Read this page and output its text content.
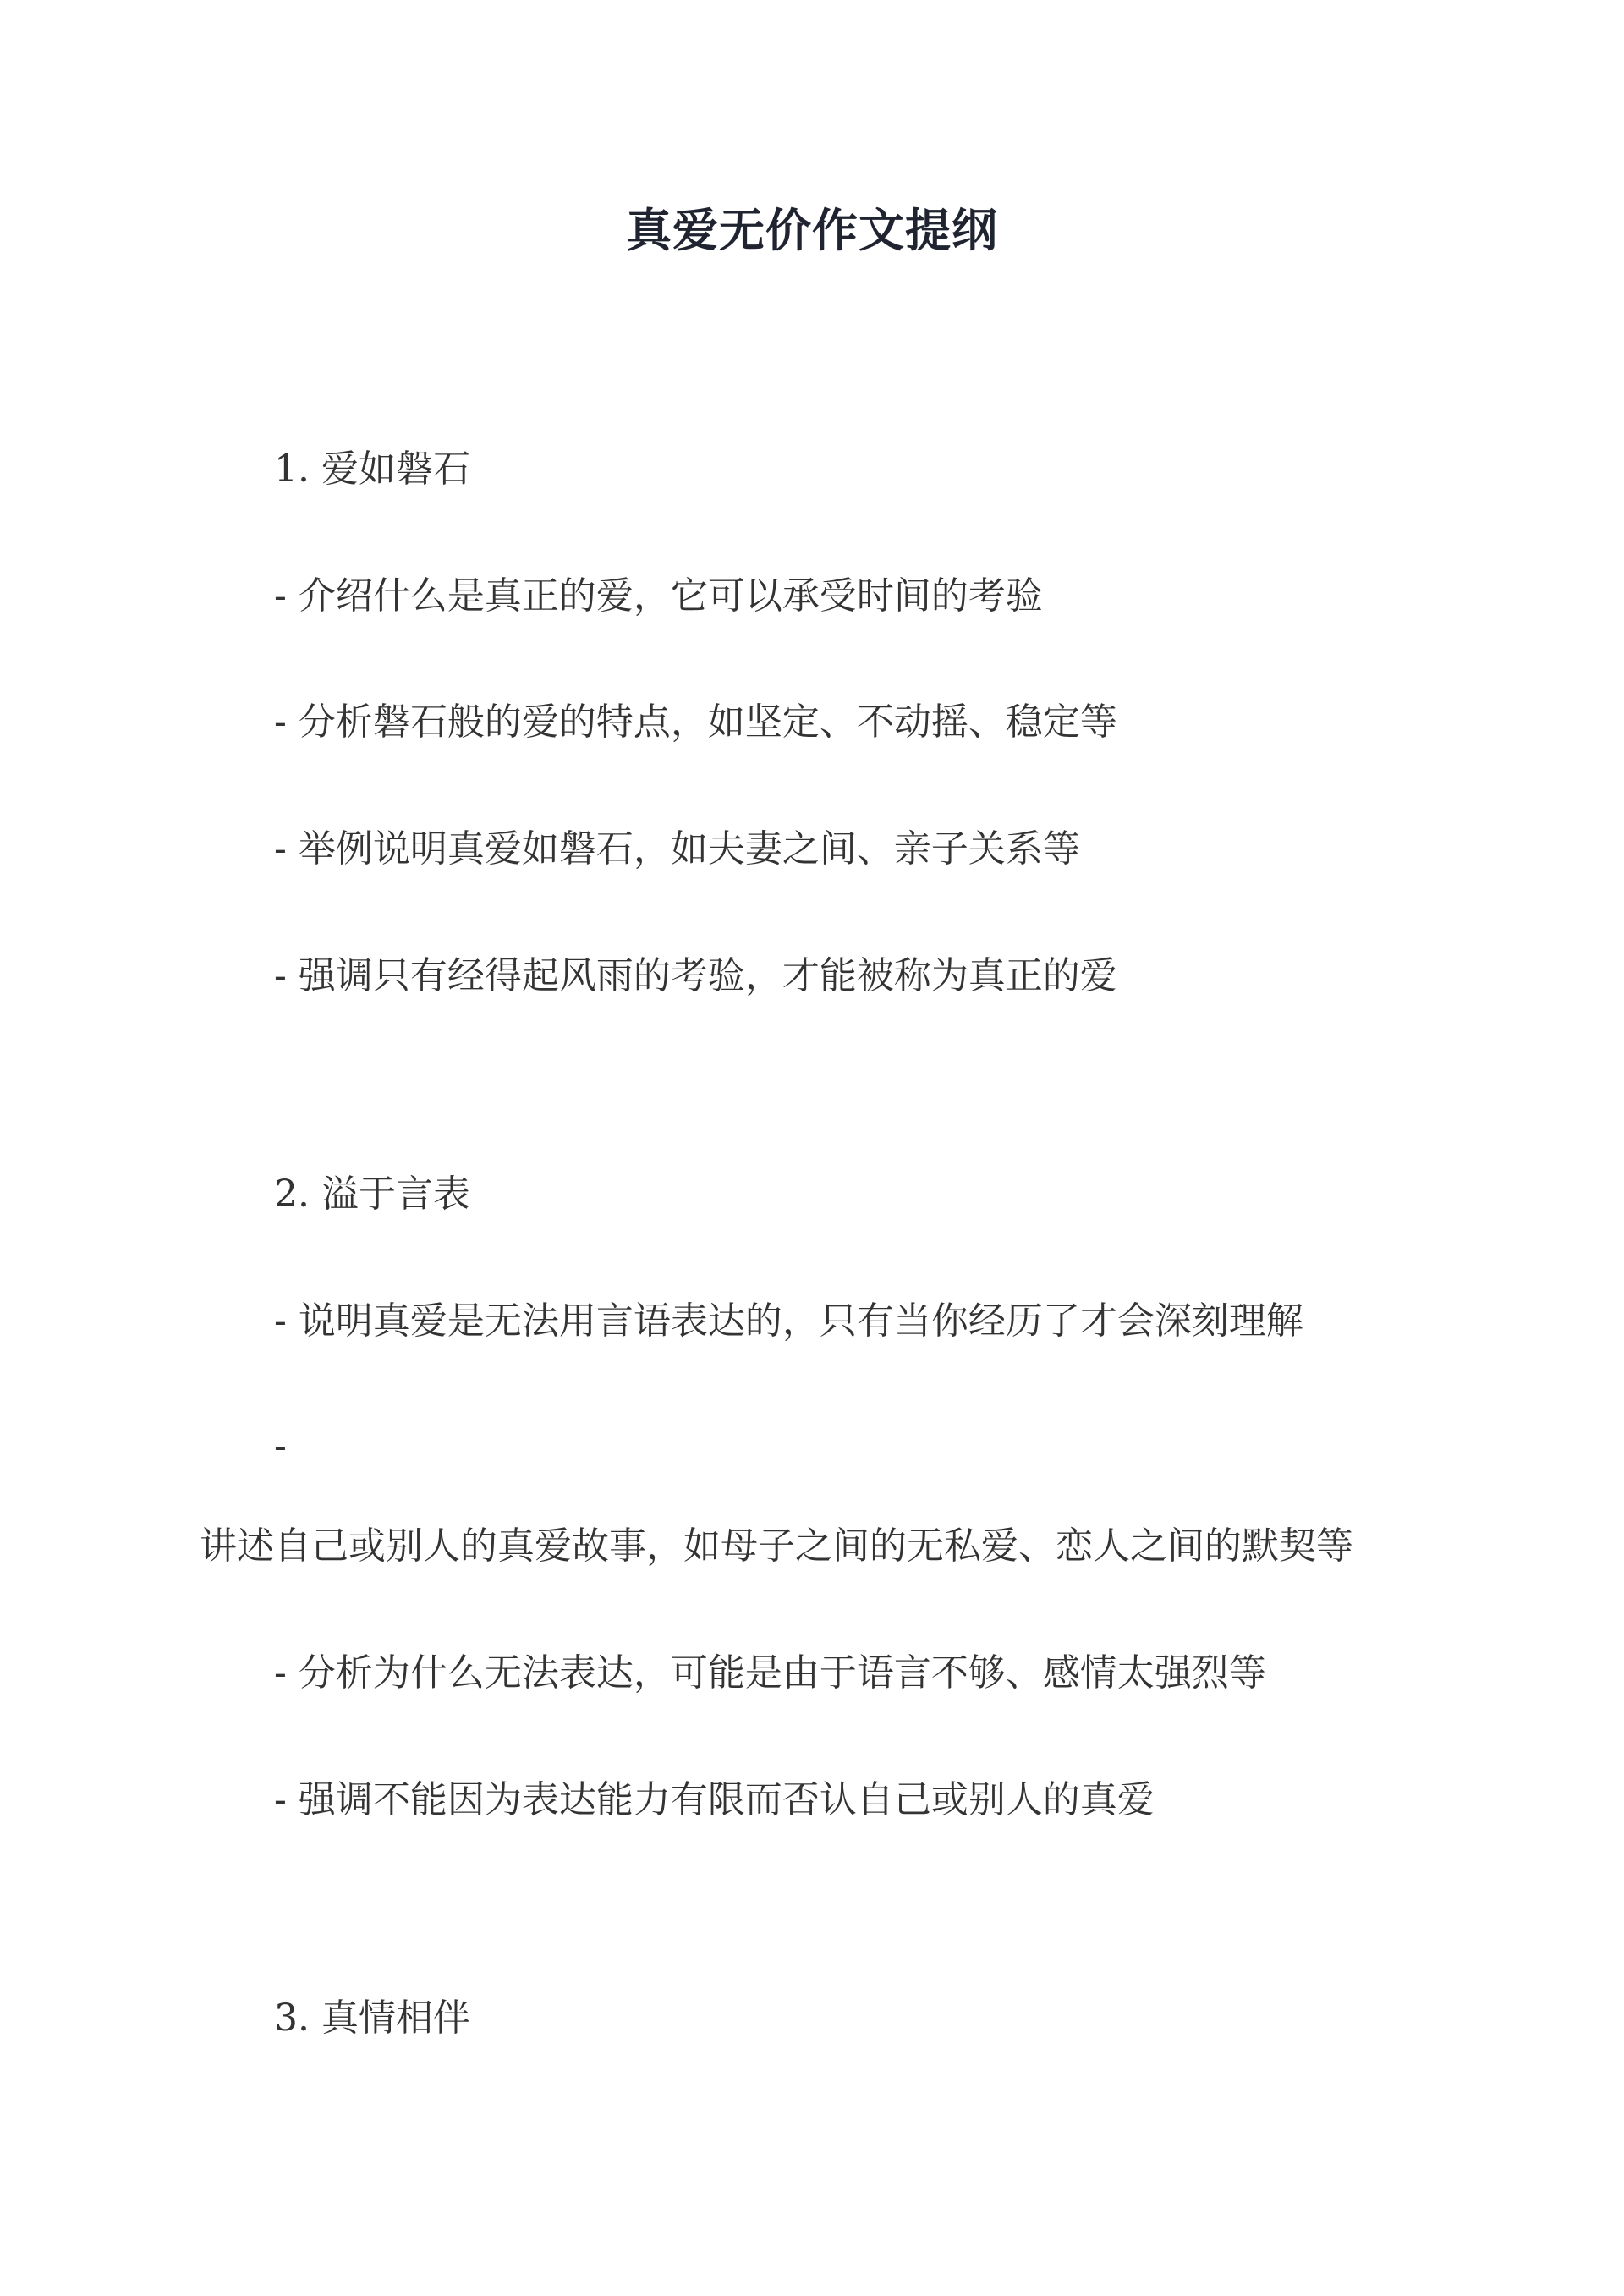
真爱无价作文提纲
1. 爱如磐石
- 介绍什么是真正的爱，它可以承受时间的考验
- 分析磐石般的爱的特点，如坚定、不动摇、稳定等
- 举例说明真爱如磐石，如夫妻之间、亲子关系等
- 强调只有经得起风雨的考验，才能被称为真正的爱
2. 溢于言表
- 说明真爱是无法用言语表达的，只有当你经历了才会深刻理解
-
讲述自己或别人的真爱故事，如母子之间的无私爱、恋人之间的默契等
- 分析为什么无法表达，可能是由于语言不够、感情太强烈等
- 强调不能因为表达能力有限而否认自己或别人的真爱
3. 真情相伴
